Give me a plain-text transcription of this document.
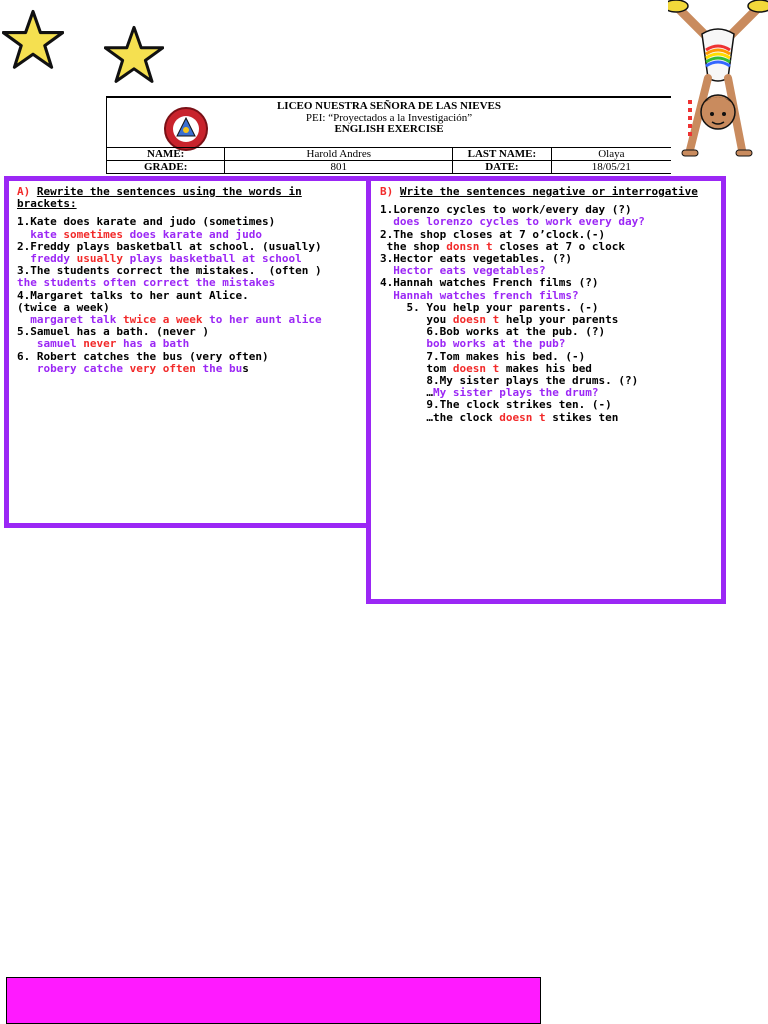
LICEO NUESTRA SEÑORA DE LAS NIEVES
PEI: “Proyectados a la Investigación”
ENGLISH EXERCISE
NAME:	Harold Andres	LAST NAME:	Olaya
GRADE:	801	DATE:	18/05/21
A) Rewrite the sentences using the words in brackets:
1.Kate does karate and judo (sometimes)
kate sometimes does karate and judo
2.Freddy plays basketball at school. (usually)
freddy usually plays basketball at school
3.The students correct the mistakes.  (often )
the students often correct the mistakes
4.Margaret talks to her aunt Alice.
(twice a week)
margaret talk twice a week to her aunt alice
5.Samuel has a bath. (never )
samuel never has a bath
6. Robert catches the bus (very often)
robery catche very often the bus
B) Write the sentences negative or interrogative
1.Lorenzo cycles to work/every day (?)
does lorenzo cycles to work every day?
2.The shop closes at 7 o’clock.(-)
the shop donsn t closes at 7 o clock
3.Hector eats vegetables. (?)
Hector eats vegetables?
4.Hannah watches French films (?)
Hannah watches french films?
5. You help your parents. (-)
you doesn t help your parents
6.Bob works at the pub. (?)
bob works at the pub?
7.Tom makes his bed. (-)
tom doesn t makes his bed
8.My sister plays the drums. (?)
…My sister plays the drum?
9.The clock strikes ten. (-)
…the clock doesn t stikes ten
